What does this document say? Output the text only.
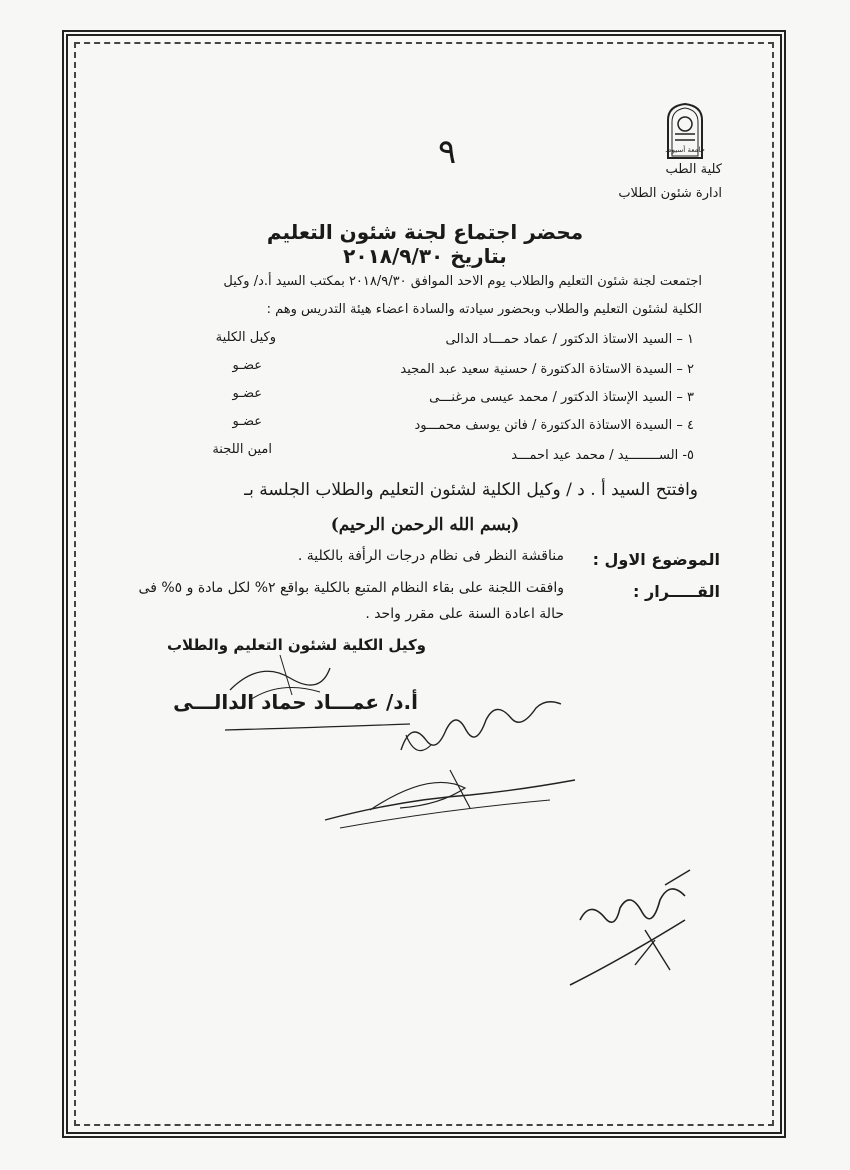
٩	جامعة أسيوط
كلية الطب
ادارة شئون الطلاب
محضر اجتماع لجنة شئون التعليم
بتاريخ ٢٠١٨/٩/٣٠
اجتمعت لجنة شئون التعليم والطلاب يوم الاحد الموافق ٢٠١٨/٩/٣٠ بمكتب السيد أ.د/ وكيل
الكلية لشئون التعليم والطلاب وبحضور سيادته والسادة اعضاء هيئة التدريس وهم :
١ – السيد الاستاذ الدكتور / عماد حمـــاد الدالى
وكيل الكلية
٢ – السيدة الاستاذة الدكتورة / حسنية سعيد عبد المجيد
عضـو
٣ – السيد الإستاذ الدكتور / محمد عيسى مرغنـــى
عضـو
٤ – السيدة الاستاذة الدكتورة / فاتن يوسف محمـــود
عضـو
٥- الســــــــيد / محمد عيد احمـــد
امين اللجنة
وافتتح السيد أ . د / وكيل الكلية لشئون التعليم والطلاب الجلسة بـ
(بسم الله الرحمن الرحيم)
الموضوع الاول :
مناقشة النظر فى نظام درجات الرأفة بالكلية .
القـــــرار :
وافقت اللجنة على بقاء النظام المتبع بالكلية بواقع ٢% لكل مادة و ٥% فى
حالة اعادة السنة على مقرر واحد .
وكيل الكلية لشئون التعليم والطلاب
أ.د/ عمـــاد حماد الدالـــى
